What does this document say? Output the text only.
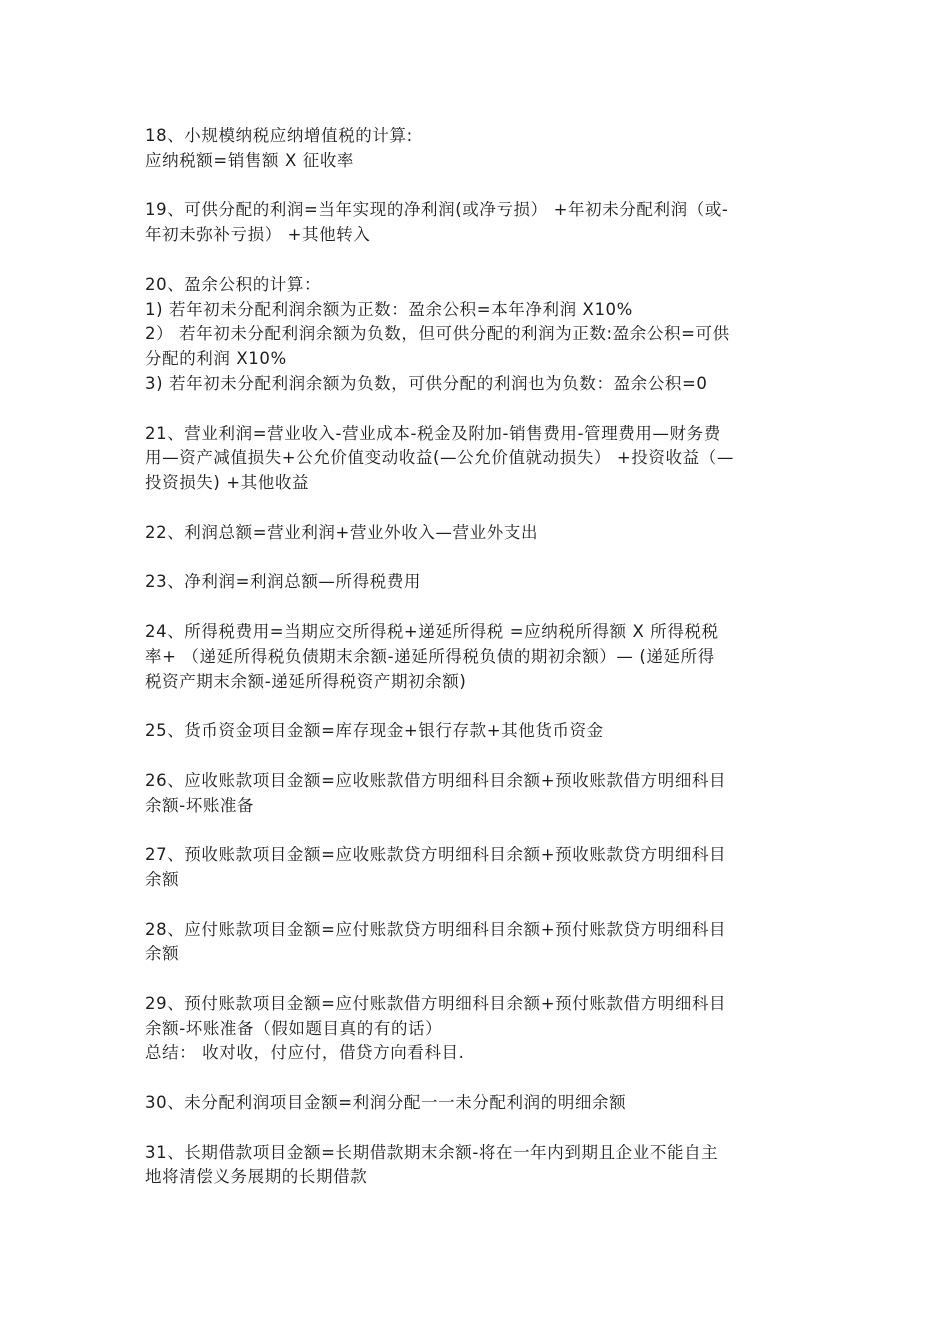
18、小规模纳税应纳增值税的计算:
应纳税额=销售额 X 征收率
19、可供分配的利润=当年实现的净利润(或净亏损） +年初未分配利润（或-
年初未弥补亏损） +其他转入
20、盈余公积的计算：
1) 若年初未分配利润余额为正数：盈余公积=本年净利润 X10%
2） 若年初未分配利润余额为负数，但可供分配的利润为正数:盈余公积=可供
分配的利润 X10%
3) 若年初未分配利润余额为负数，可供分配的利润也为负数：盈余公积=0
21、营业利润=营业收入-营业成本-税金及附加-销售费用-管理费用—财务费
用—资产减值损失+公允价值变动收益(—公允价值就动损失） +投资收益（—
投资损失) +其他收益
22、利润总额=营业利润+营业外收入—营业外支出
23、净利润=利润总额—所得税费用
24、所得税费用=当期应交所得税+递延所得税 =应纳税所得额 X 所得税税
率+ （递延所得税负债期末余额-递延所得税负债的期初余额）— (递延所得
税资产期末余额-递延所得税资产期初余额)
25、货币资金项目金额=库存现金+银行存款+其他货币资金
26、应收账款项目金额=应收账款借方明细科目余额+预收账款借方明细科目
余额-坏账准备
27、预收账款项目金额=应收账款贷方明细科目余额+预收账款贷方明细科目
余额
28、应付账款项目金额=应付账款贷方明细科目余额+预付账款贷方明细科目
余额
29、预付账款项目金额=应付账款借方明细科目余额+预付账款借方明细科目
余额-坏账准备（假如题目真的有的话）
总结： 收对收，付应付，借贷方向看科目.
30、未分配利润项目金额=利润分配一一未分配利润的明细余额
31、长期借款项目金额=长期借款期末余额-将在一年内到期且企业不能自主
地将清偿义务展期的长期借款
